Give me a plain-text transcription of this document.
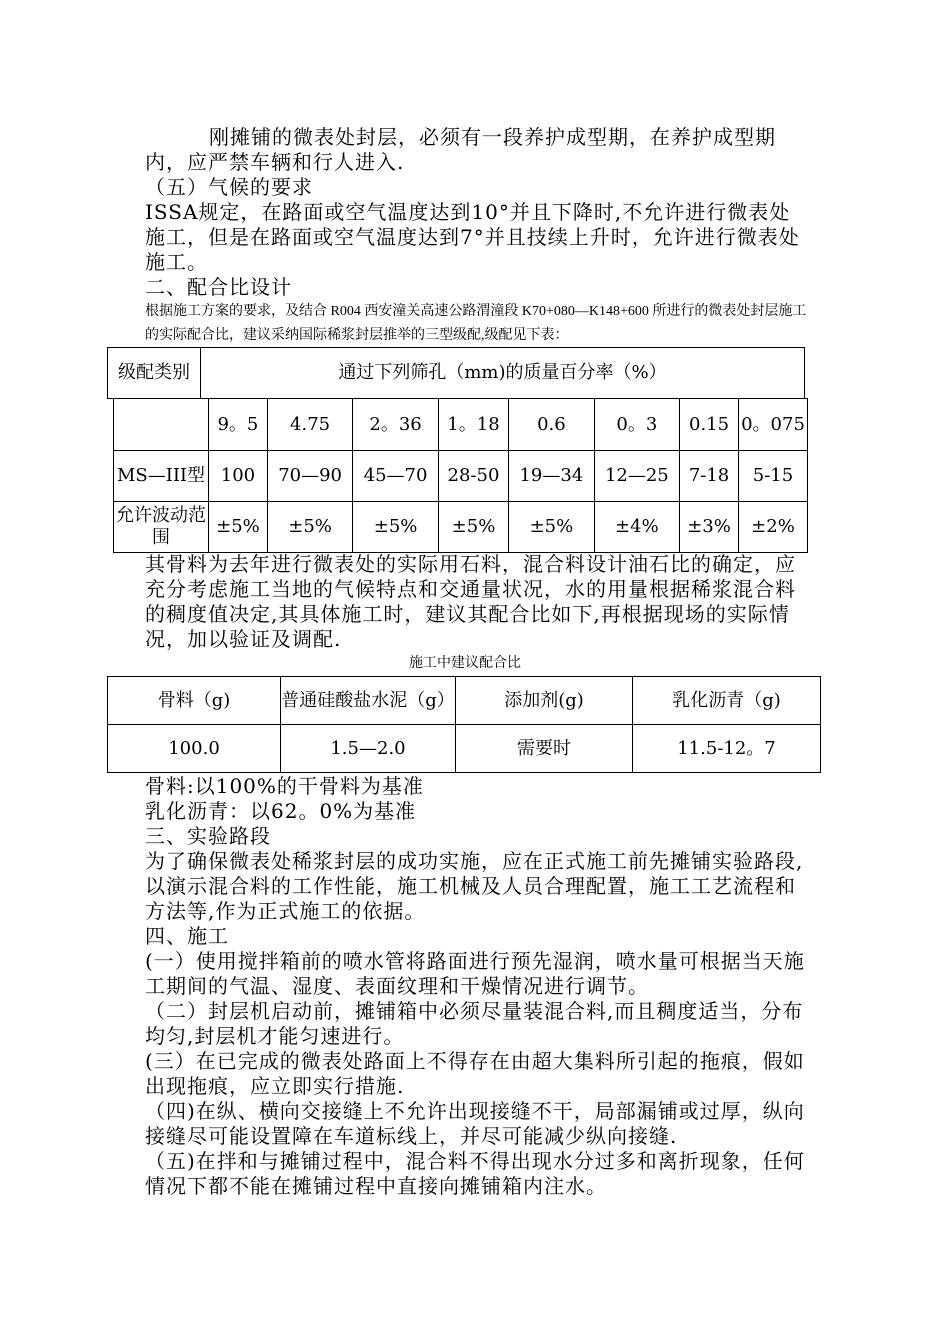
刚摊铺的微表处封层，必须有一段养护成型期，在养护成型期内，应严禁车辆和行人进入.

（五）气候的要求

ISSA规定，在路面或空气温度达到10°并且下降时,不允许进行微表处施工，但是在路面或空气温度达到7°并且技续上升时，允许进行微表处施工。

二、配合比设计

根据施工方案的要求，及结合 R004 西安潼关高速公路渭潼段 K70+080—K148+600 所进行的微表处封层施工的实际配合比，建议采纳国际稀浆封层推举的三型级配,级配见下表：

级配类别	通过下列筛孔（mm)的质量百分率（%）
	9。5	4.75	2。36	1。18	0.6	0。3	0.15	0。075
MS—III型	100	70—90	45—70	28-50	19—34	12—25	7-18	5-15
允许波动范围	±5%	±5%	±5%	±5%	±5%	±4%	±3%	±2%

其骨料为去年进行微表处的实际用石料，混合料设计油石比的确定，应充分考虑施工当地的气候特点和交通量状况，水的用量根据稀浆混合料的稠度值决定,其具体施工时，建议其配合比如下,再根据现场的实际情况，加以验证及调配.

施工中建议配合比

骨料（g)	普通硅酸盐水泥（g）	添加剂(g)	乳化沥青（g)
100.0	1.5—2.0	需要时	11.5-12。7

骨料:以100%的干骨料为基准

乳化沥青：以62。0%为基准

三、实验路段

为了确保微表处稀浆封层的成功实施，应在正式施工前先摊铺实验路段,以演示混合料的工作性能，施工机械及人员合理配置，施工工艺流程和方法等,作为正式施工的依据。

四、施工

(一）使用搅拌箱前的喷水管将路面进行预先湿润，喷水量可根据当天施工期间的气温、湿度、表面纹理和干燥情况进行调节。

（二）封层机启动前，摊铺箱中必须尽量装混合料,而且稠度适当，分布均匀,封层机才能匀速进行。

(三）在已完成的微表处路面上不得存在由超大集料所引起的拖痕，假如出现拖痕，应立即实行措施.

（四)在纵、横向交接缝上不允许出现接缝不干，局部漏铺或过厚，纵向接缝尽可能设置障在车道标线上，并尽可能减少纵向接缝.

（五)在拌和与摊铺过程中，混合料不得出现水分过多和离折现象，任何情况下都不能在摊铺过程中直接向摊铺箱内注水。
